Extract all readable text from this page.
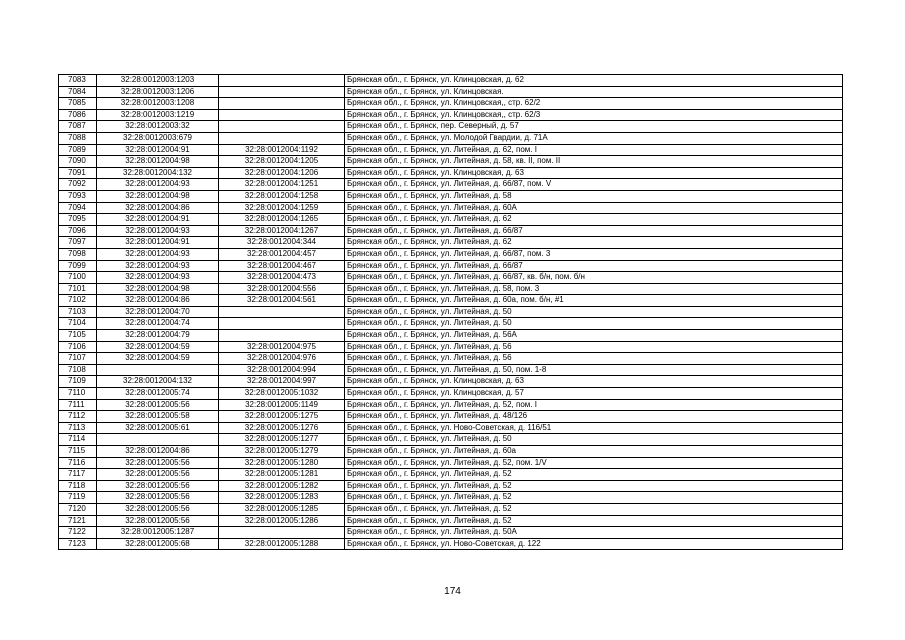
7083	32:28:0012003:1203		Брянская обл., г. Брянск, ул. Клинцовская, д. 62
7084	32:28:0012003:1206		Брянская обл., г. Брянск, ул. Клинцовская.
7085	32:28:0012003:1208		Брянская обл., г. Брянск, ул. Клинцовская,, стр. 62/2
7086	32:28:0012003:1219		Брянская обл., г. Брянск, ул. Клинцовская,, стр. 62/3
7087	32:28:0012003:32		Брянская обл., г. Брянск, пер. Северный, д. 57
7088	32:28:0012003:679		Брянская обл., г. Брянск, ул. Молодой Гвардии, д. 71А
7089	32:28:0012004:91	32:28:0012004:1192	Брянская обл., г. Брянск, ул. Литейная, д. 62, пом. I
7090	32:28:0012004:98	32:28:0012004:1205	Брянская обл., г. Брянск, ул. Литейная, д. 58, кв. II, пом. II
7091	32:28:0012004:132	32:28:0012004:1206	Брянская обл., г. Брянск, ул. Клинцовская, д. 63
7092	32:28:0012004:93	32:28:0012004:1251	Брянская обл., г. Брянск, ул. Литейная, д. 66/87, пом. V
7093	32:28:0012004:98	32:28:0012004:1258	Брянская обл., г. Брянск, ул. Литейная, д. 58
7094	32:28:0012004:86	32:28:0012004:1259	Брянская обл., г. Брянск, ул. Литейная, д. 60А
7095	32:28:0012004:91	32:28:0012004:1265	Брянская обл., г. Брянск, ул. Литейная, д. 62
7096	32:28:0012004:93	32:28:0012004:1267	Брянская обл., г. Брянск, ул. Литейная, д. 66/87
7097	32:28:0012004:91	32:28:0012004:344	Брянская обл., г. Брянск, ул. Литейная, д. 62
7098	32:28:0012004:93	32:28:0012004:457	Брянская обл., г. Брянск, ул. Литейная, д. 66/87, пом. 3
7099	32:28:0012004:93	32:28:0012004:467	Брянская обл., г. Брянск, ул. Литейная, д. 66/87
7100	32:28:0012004:93	32:28:0012004:473	Брянская обл., г. Брянск, ул. Литейная, д. 66/87, кв. б/н, пом. б/н
7101	32:28:0012004:98	32:28:0012004:556	Брянская обл., г. Брянск, ул. Литейная, д. 58, пом. 3
7102	32:28:0012004:86	32:28:0012004:561	Брянская обл., г. Брянск, ул. Литейная, д. 60а, пом. б/н, #1
7103	32:28:0012004:70		Брянская обл., г. Брянск, ул. Литейная, д. 50
7104	32:28:0012004:74		Брянская обл., г. Брянск, ул. Литейная, д. 50
7105	32:28:0012004:79		Брянская обл., г. Брянск, ул. Литейная, д. 56А
7106	32:28:0012004:59	32:28:0012004:975	Брянская обл., г. Брянск, ул. Литейная, д. 56
7107	32:28:0012004:59	32:28:0012004:976	Брянская обл., г. Брянск, ул. Литейная, д. 56
7108		32:28:0012004:994	Брянская обл., г. Брянск, ул. Литейная, д. 50, пом. 1-8
7109	32:28:0012004:132	32:28:0012004:997	Брянская обл., г. Брянск, ул. Клинцовская, д. 63
7110	32:28:0012005:74	32:28:0012005:1032	Брянская обл., г. Брянск, ул. Клинцовская, д. 57
7111	32:28:0012005:56	32:28:0012005:1149	Брянская обл., г. Брянск, ул. Литейная, д. 52, пом. I
7112	32:28:0012005:58	32:28:0012005:1275	Брянская обл., г. Брянск, ул. Литейная, д. 48/126
7113	32:28:0012005:61	32:28:0012005:1276	Брянская обл., г. Брянск, ул. Ново-Советская, д. 116/51
7114		32:28:0012005:1277	Брянская обл., г. Брянск, ул. Литейная, д. 50
7115	32:28:0012004:86	32:28:0012005:1279	Брянская обл., г. Брянск, ул. Литейная, д. 60а
7116	32:28:0012005:56	32:28:0012005:1280	Брянская обл., г. Брянск, ул. Литейная, д. 52, пом. 1/V
7117	32:28:0012005:56	32:28:0012005:1281	Брянская обл., г. Брянск, ул. Литейная, д. 52
7118	32:28:0012005:56	32:28:0012005:1282	Брянская обл., г. Брянск, ул. Литейная, д. 52
7119	32:28:0012005:56	32:28:0012005:1283	Брянская обл., г. Брянск, ул. Литейная, д. 52
7120	32:28:0012005:56	32:28:0012005:1285	Брянская обл., г. Брянск, ул. Литейная, д. 52
7121	32:28:0012005:56	32:28:0012005:1286	Брянская обл., г. Брянск, ул. Литейная, д. 52
7122	32:28:0012005:1287		Брянская обл., г. Брянск, ул. Литейная, д. 50А
7123	32:28:0012005:68	32:28:0012005:1288	Брянская обл., г. Брянск, ул. Ново-Советская, д. 122
174
